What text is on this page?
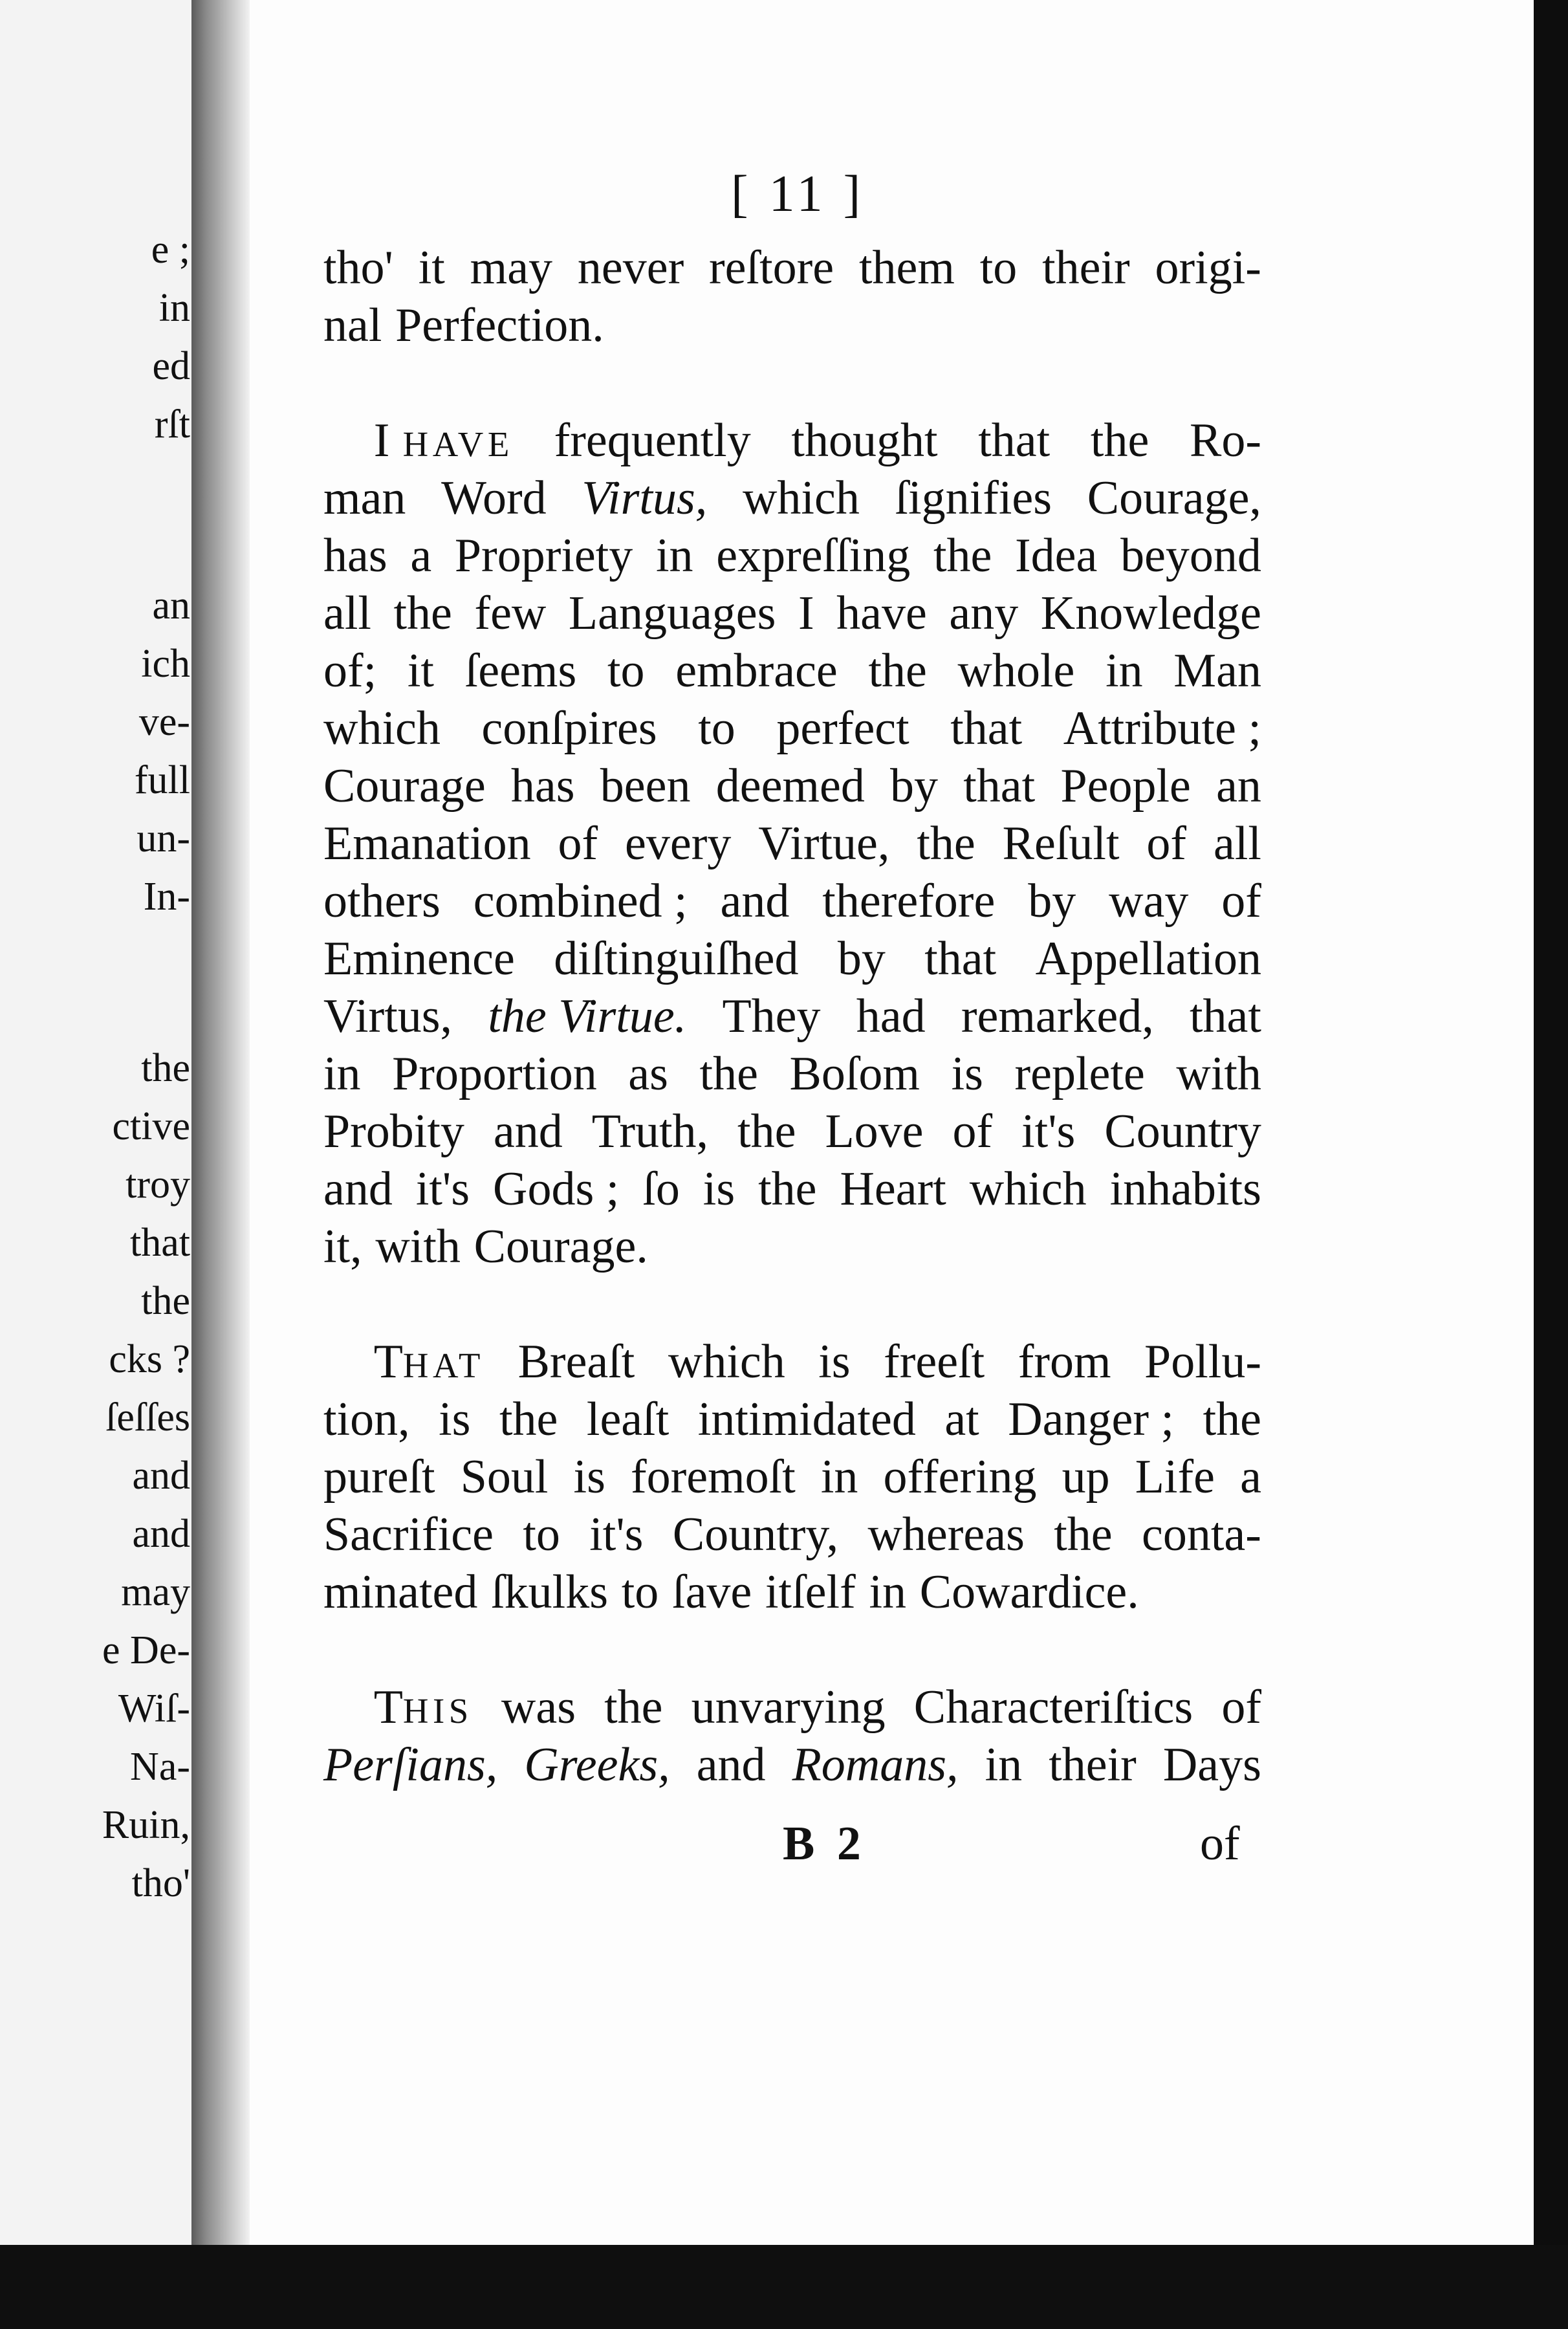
e ;
in
ed
rſt
an
ich
ve-
full
un-
In-
the
ctive
troy
that
the
cks ?
ſeſſes
and
and
may
e De-
Wiſ-
Na-
Ruin,
tho'
[ 11 ]
tho' it may never reſtore them to their origi-
nal Perfection.
I HAVE frequently thought that the Ro-
man Word Virtus, which ſignifies Courage,
has a Propriety in expreſſing the Idea beyond
all the few Languages I have any Knowledge
of; it ſeems to embrace the whole in Man
which conſpires to perfect that Attribute ;
Courage has been deemed by that People an
Emanation of every Virtue, the Reſult of all
others combined ; and therefore by way of
Eminence diſtinguiſhed by that Appellation
Virtus, the Virtue. They had remarked, that
in Proportion as the Boſom is replete with
Probity and Truth, the Love of it's Country
and it's Gods ; ſo is the Heart which inhabits
it, with Courage.
THAT Breaſt which is freeſt from Pollu-
tion, is the leaſt intimidated at Danger ; the
pureſt Soul is foremoſt in offering up Life a
Sacrifice to it's Country, whereas the conta-
minated ſkulks to ſave itſelf in Cowardice.
THIS was the unvarying Characteriſtics of
Perſians, Greeks, and Romans, in their Days
B 2	of
